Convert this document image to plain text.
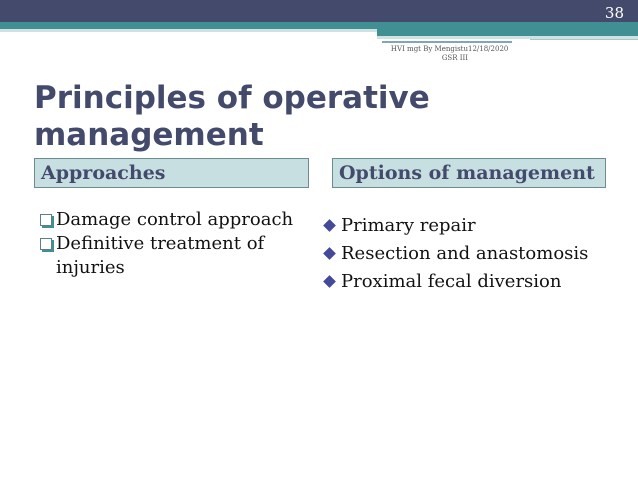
38
HVI mgt By Mengistu GSR III
12/18/2020
Principles of operative management
Approaches	Options of management
Damage control approach
Definitive treatment of injuries
Primary repair
Resection and anastomosis
Proximal fecal diversion
